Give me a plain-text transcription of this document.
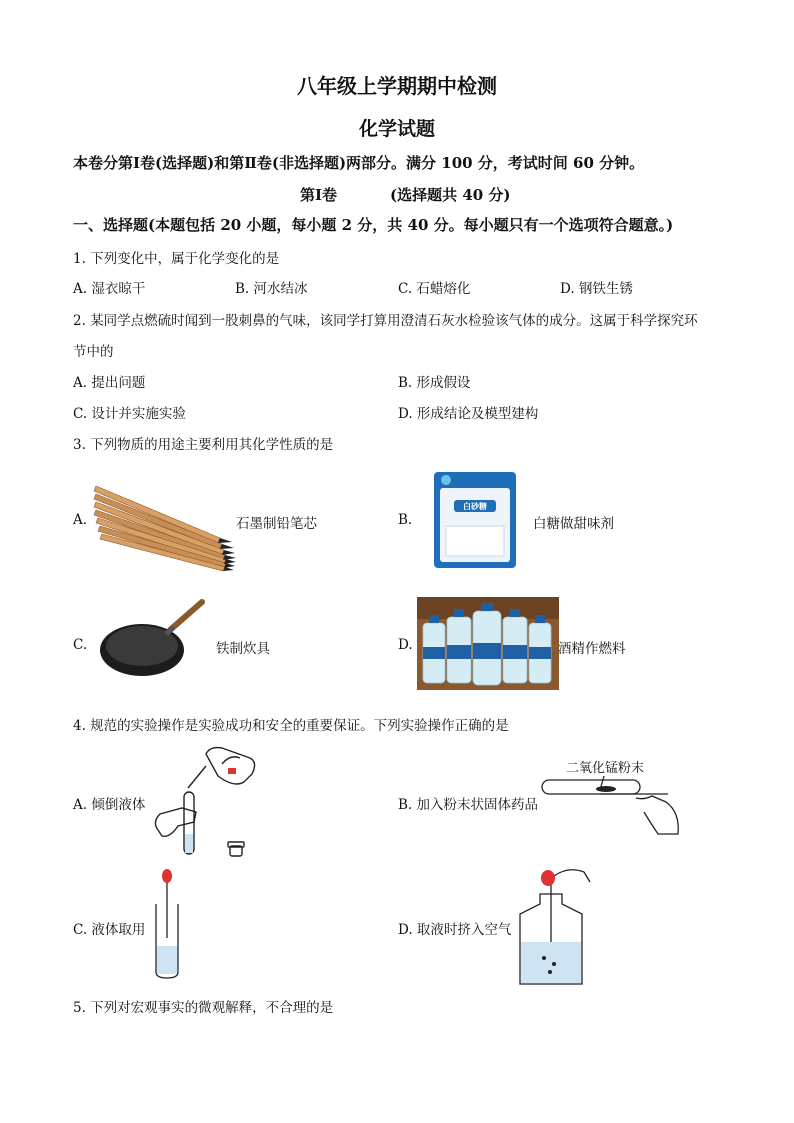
八年级上学期期中检测
化学试题
本卷分第Ⅰ卷(选择题)和第Ⅱ卷(非选择题)两部分。满分 100 分，考试时间 60 分钟。
第Ⅰ卷	(选择题共 40 分)
一、选择题(本题包括 20 小题，每小题 2 分，共 40 分。每小题只有一个选项符合题意。)
1. 下列变化中，属于化学变化的是
A. 湿衣晾干	B. 河水结冰	C. 石蜡熔化	D. 钢铁生锈
2. 某同学点燃硫时闻到一股刺鼻的气味，该同学打算用澄清石灰水检验该气体的成分。这属于科学探究环
节中的
A. 提出问题	B. 形成假设
C. 设计并实施实验	D. 形成结论及模型建构
3. 下列物质的用途主要利用其化学性质的是
A.	石墨制铅笔芯	B.
白砂糖
白糖做甜味剂
C.	铁制炊具	D.	酒精作燃料
4. 规范的实验操作是实验成功和安全的重要保证。下列实验操作正确的是
A. 倾倒液体	B. 加入粉末状固体药品
二氧化锰粉末
C. 液体取用	D. 取液时挤入空气
5. 下列对宏观事实的微观解释，不合理的是
